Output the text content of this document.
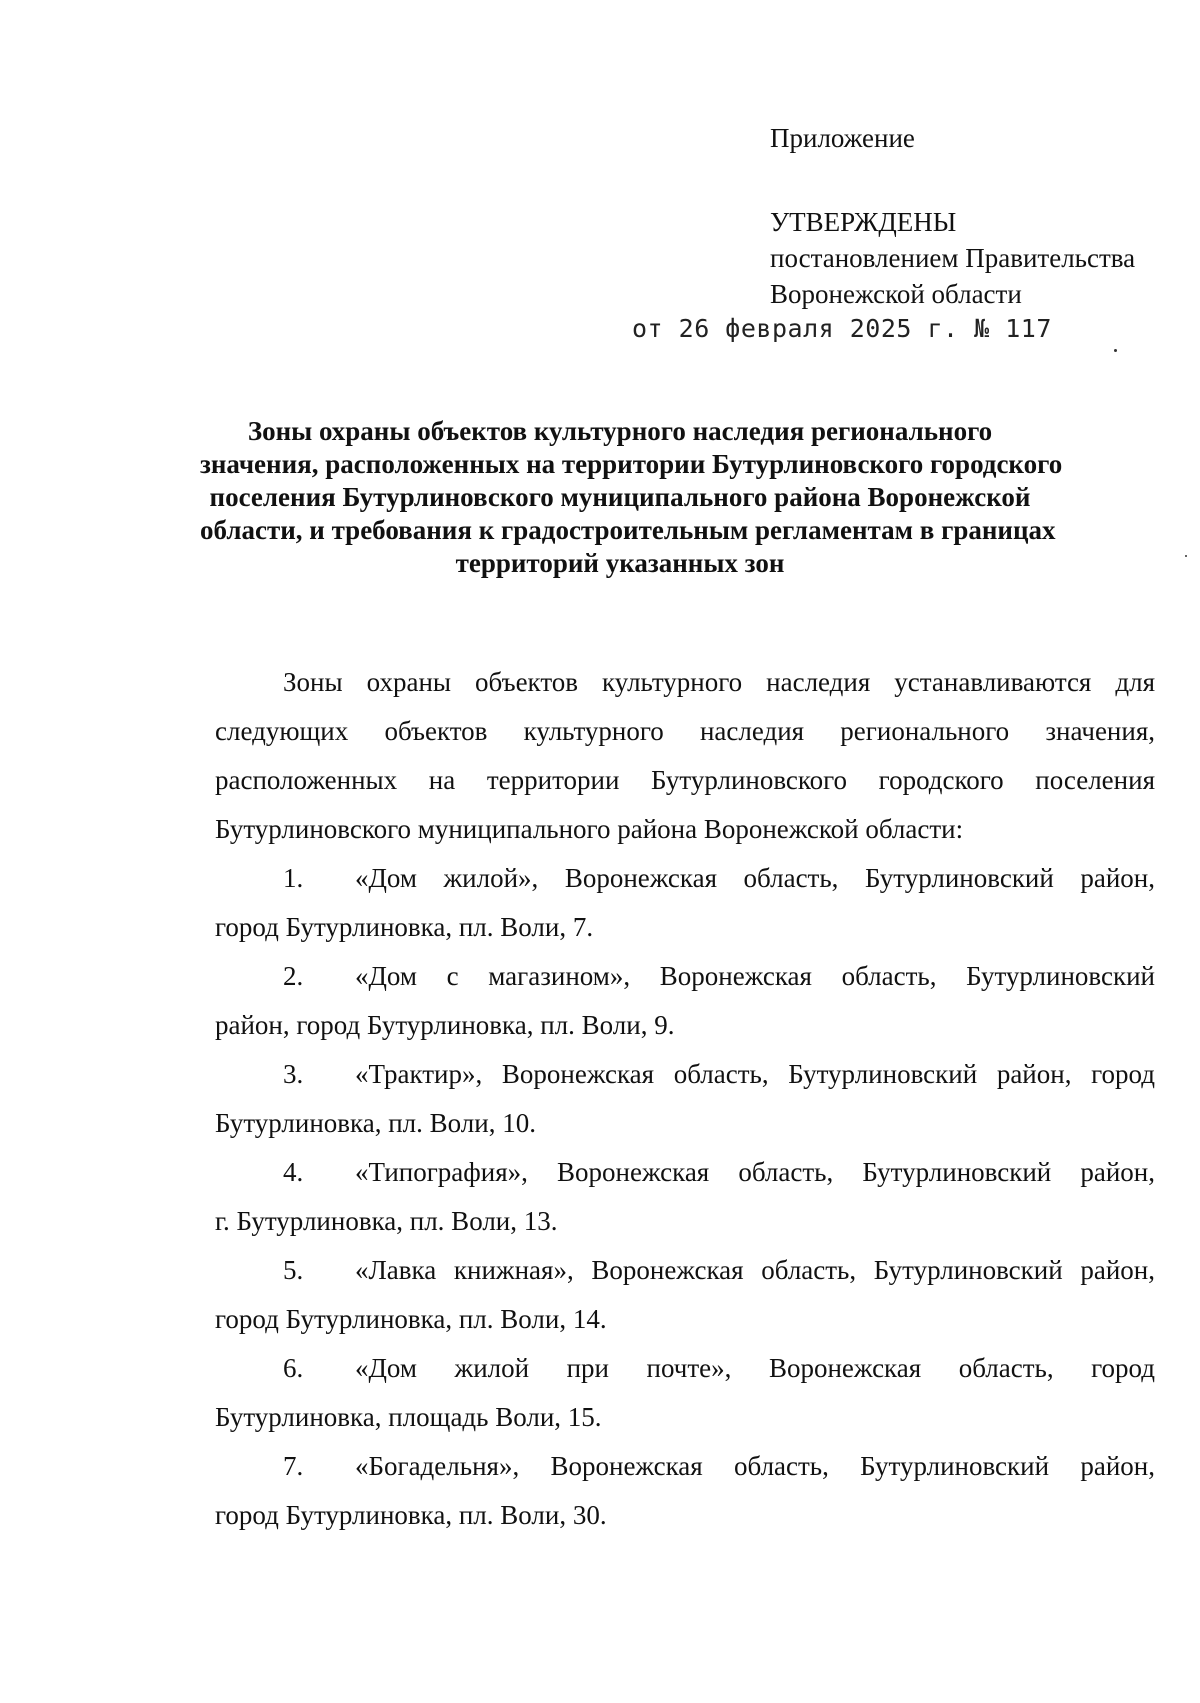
Приложение
УТВЕРЖДЕНЫ
постановлением Правительства
Воронежской области
от 26 февраля 2025 г. № 117
Зоны охраны объектов культурного наследия регионального
значения, расположенных на территории Бутурлиновского городского
поселения Бутурлиновского муниципального района Воронежской
области, и требования к градостроительным регламентам в границах
территорий указанных зон
Зоны охраны объектов культурного наследия устанавливаются для
следующих объектов культурного наследия регионального значения,
расположенных на территории Бутурлиновского городского поселения
Бутурлиновского муниципального района Воронежской области:
1.	«Дом жилой», Воронежская область, Бутурлиновский район,
город Бутурлиновка, пл. Воли, 7.
2.	«Дом с магазином», Воронежская область, Бутурлиновский
район, город Бутурлиновка, пл. Воли, 9.
3.	«Трактир», Воронежская область, Бутурлиновский район, город
Бутурлиновка, пл. Воли, 10.
4.	«Типография», Воронежская область, Бутурлиновский район,
г. Бутурлиновка, пл. Воли, 13.
5.	«Лавка книжная», Воронежская область, Бутурлиновский район,
город Бутурлиновка, пл. Воли, 14.
6.	«Дом жилой при почте», Воронежская область, город
Бутурлиновка, площадь Воли, 15.
7.	«Богадельня», Воронежская область, Бутурлиновский район,
город Бутурлиновка, пл. Воли, 30.
